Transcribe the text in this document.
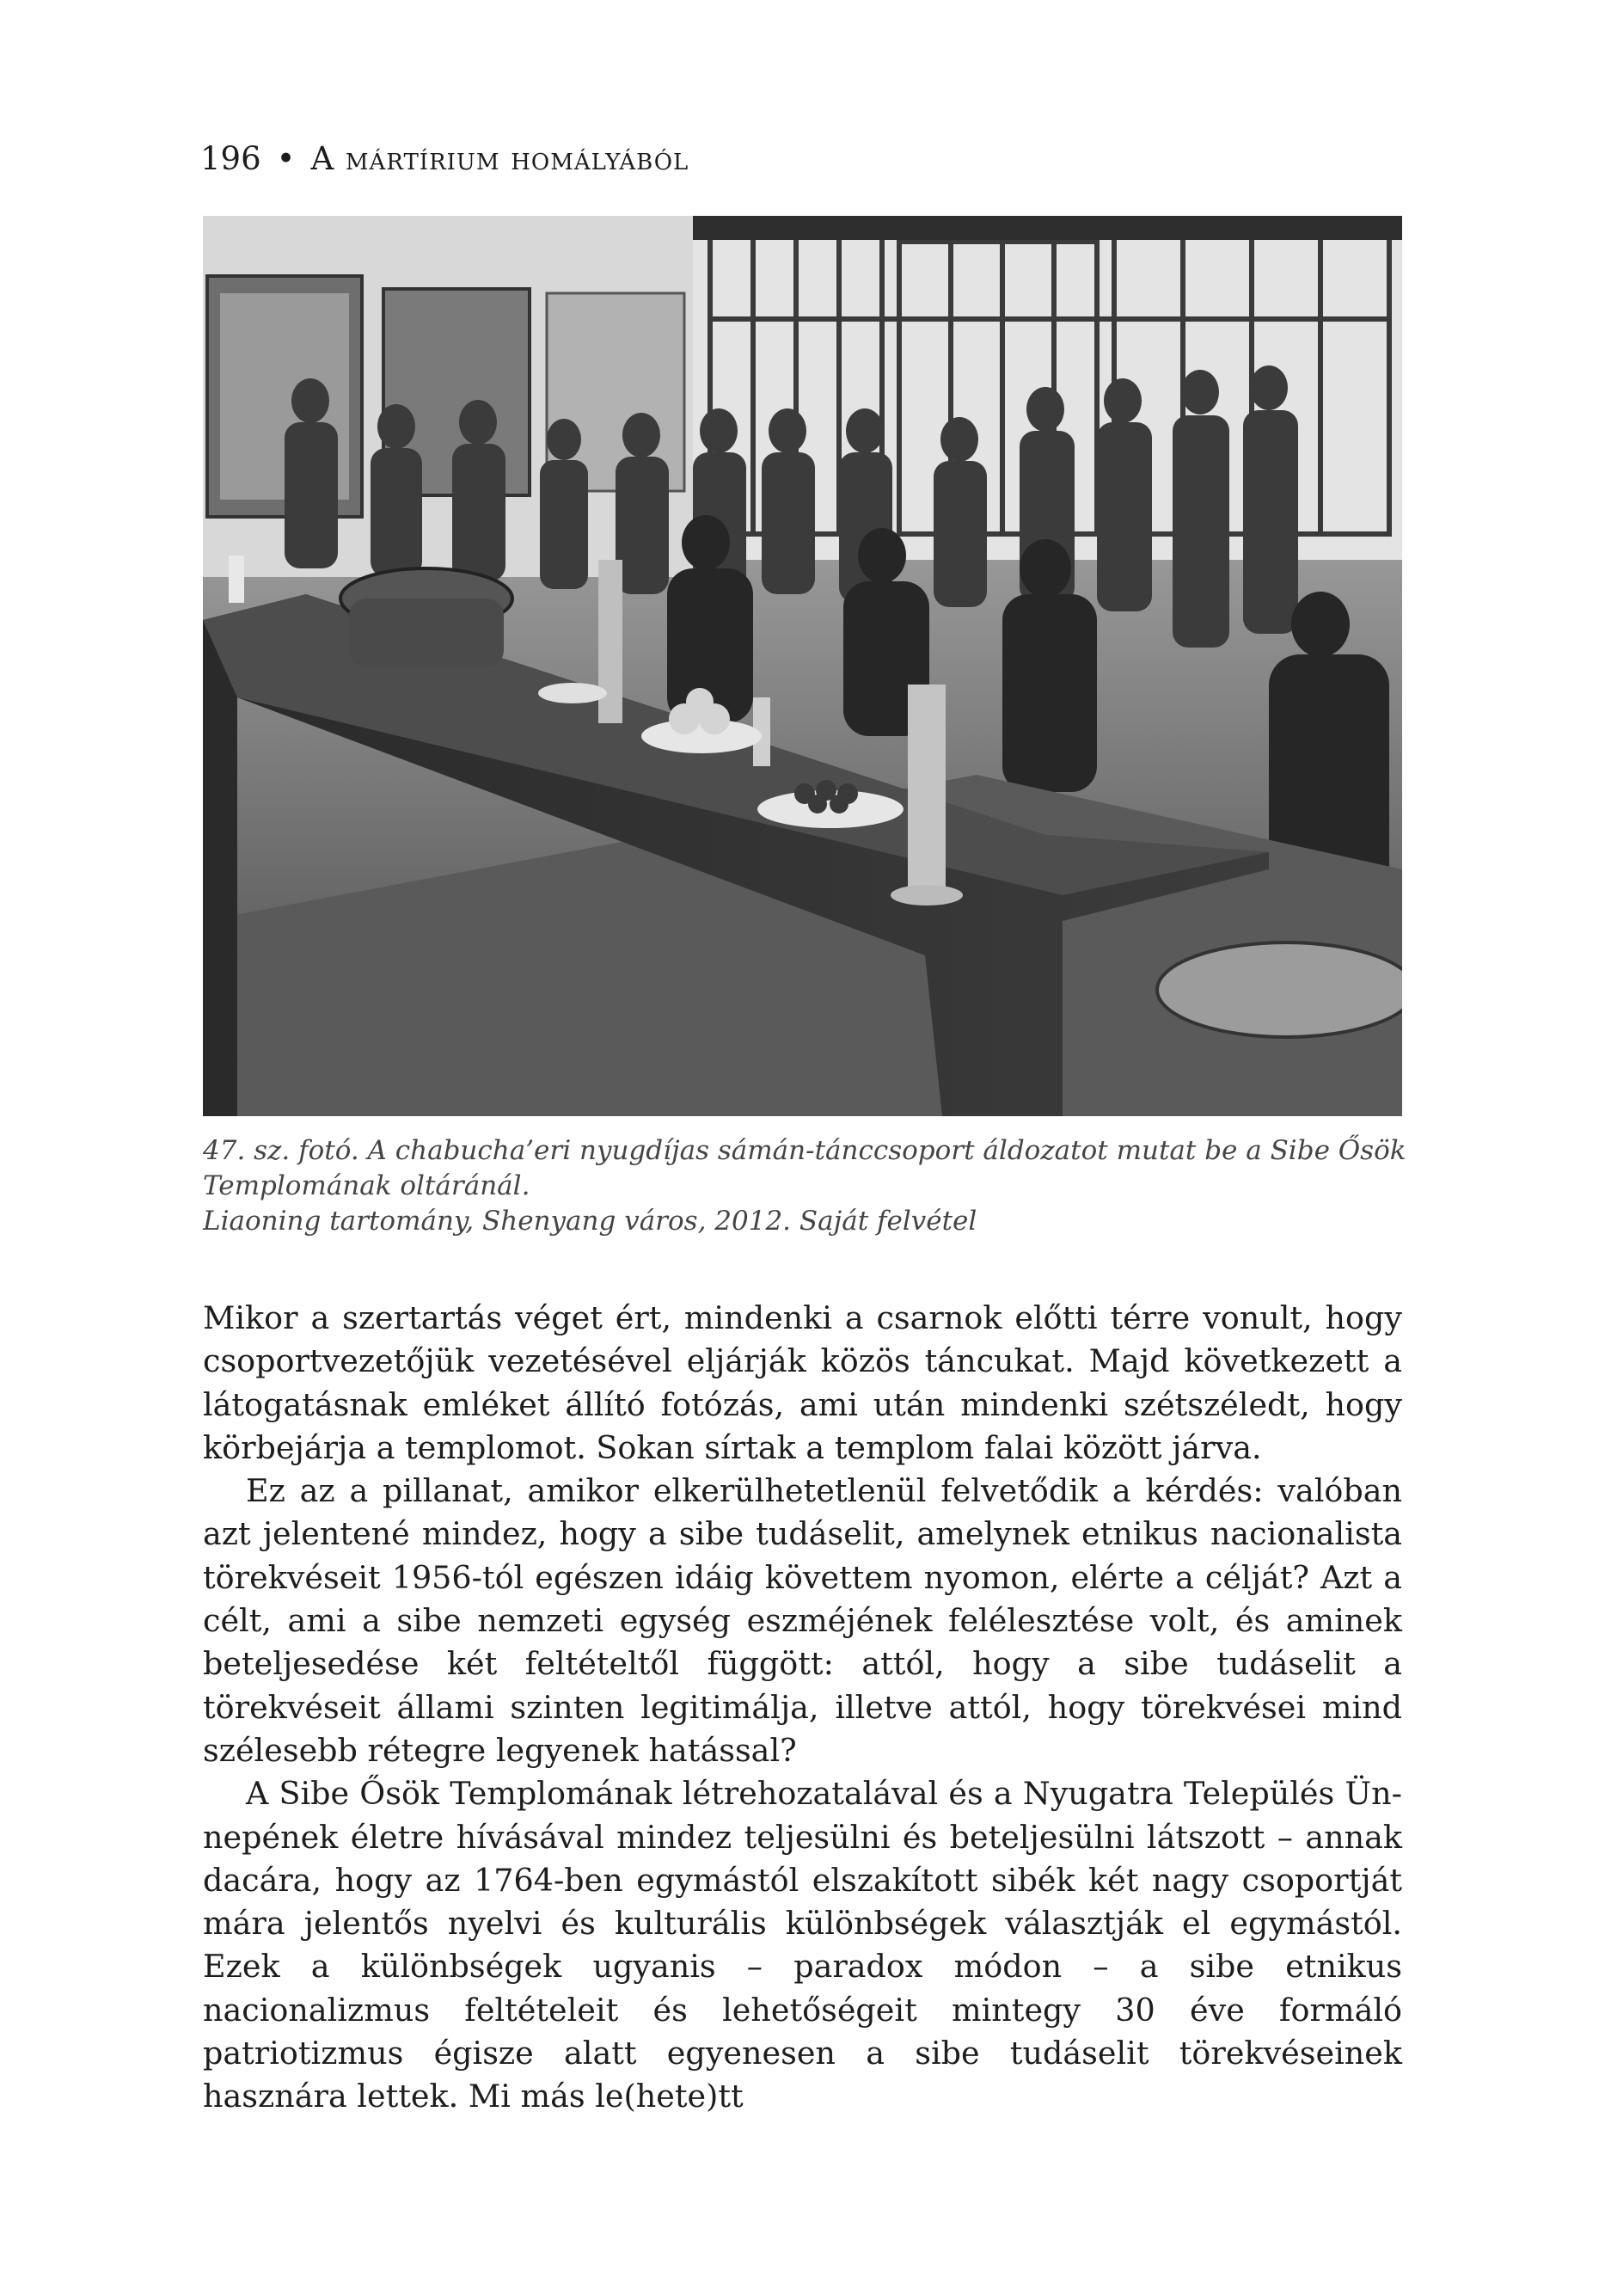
196 • A mártírium homályából
47. sz. fotó. A chabucha’eri nyugdíjas sámán-tánccsoport áldozatot mutat be a Sibe Ősök
Templomának oltáránál.
Liaoning tartomány, Shenyang város, 2012. Saját felvétel

Mikor a szertartás véget ért, mindenki a csarnok előtti térre vonult, hogy csoportvezetőjük vezetésével eljárják közös táncukat. Majd következett a látogatásnak emléket állító fotózás, ami után mindenki szétszéledt, hogy körbejárja a templomot. Sokan sírtak a templom falai között járva.

Ez az a pillanat, amikor elkerülhetetlenül felvetődik a kérdés: valóban azt jelentené mindez, hogy a sibe tudáselit, amelynek etnikus nacionalista törekvéseit 1956-tól egészen idáig követtem nyomon, elérte a célját? Azt a célt, ami a sibe nemzeti egység eszméjének felélesztése volt, és aminek beteljesedése két feltételtől függött: attól, hogy a sibe tudáselit a törekvéseit állami szinten legitimálja, illetve attól, hogy törekvései mind szélesebb rétegre legyenek hatással?

A Sibe Ősök Templomának létrehozatalával és a Nyugatra Település Ünnepének életre hívásával mindez teljesülni és beteljesülni látszott – annak dacára, hogy az 1764-ben egymástól elszakított sibék két nagy csoportját mára jelentős nyelvi és kulturális különbségek választják el egymástól. Ezek a különbségek ugyanis – paradox módon – a sibe etnikus nacionalizmus feltételeit és lehetőségeit mintegy 30 éve formáló patriotizmus égisze alatt egyenesen a sibe tudáselit törekvéseinek hasznára lettek. Mi más le(hete)tt
